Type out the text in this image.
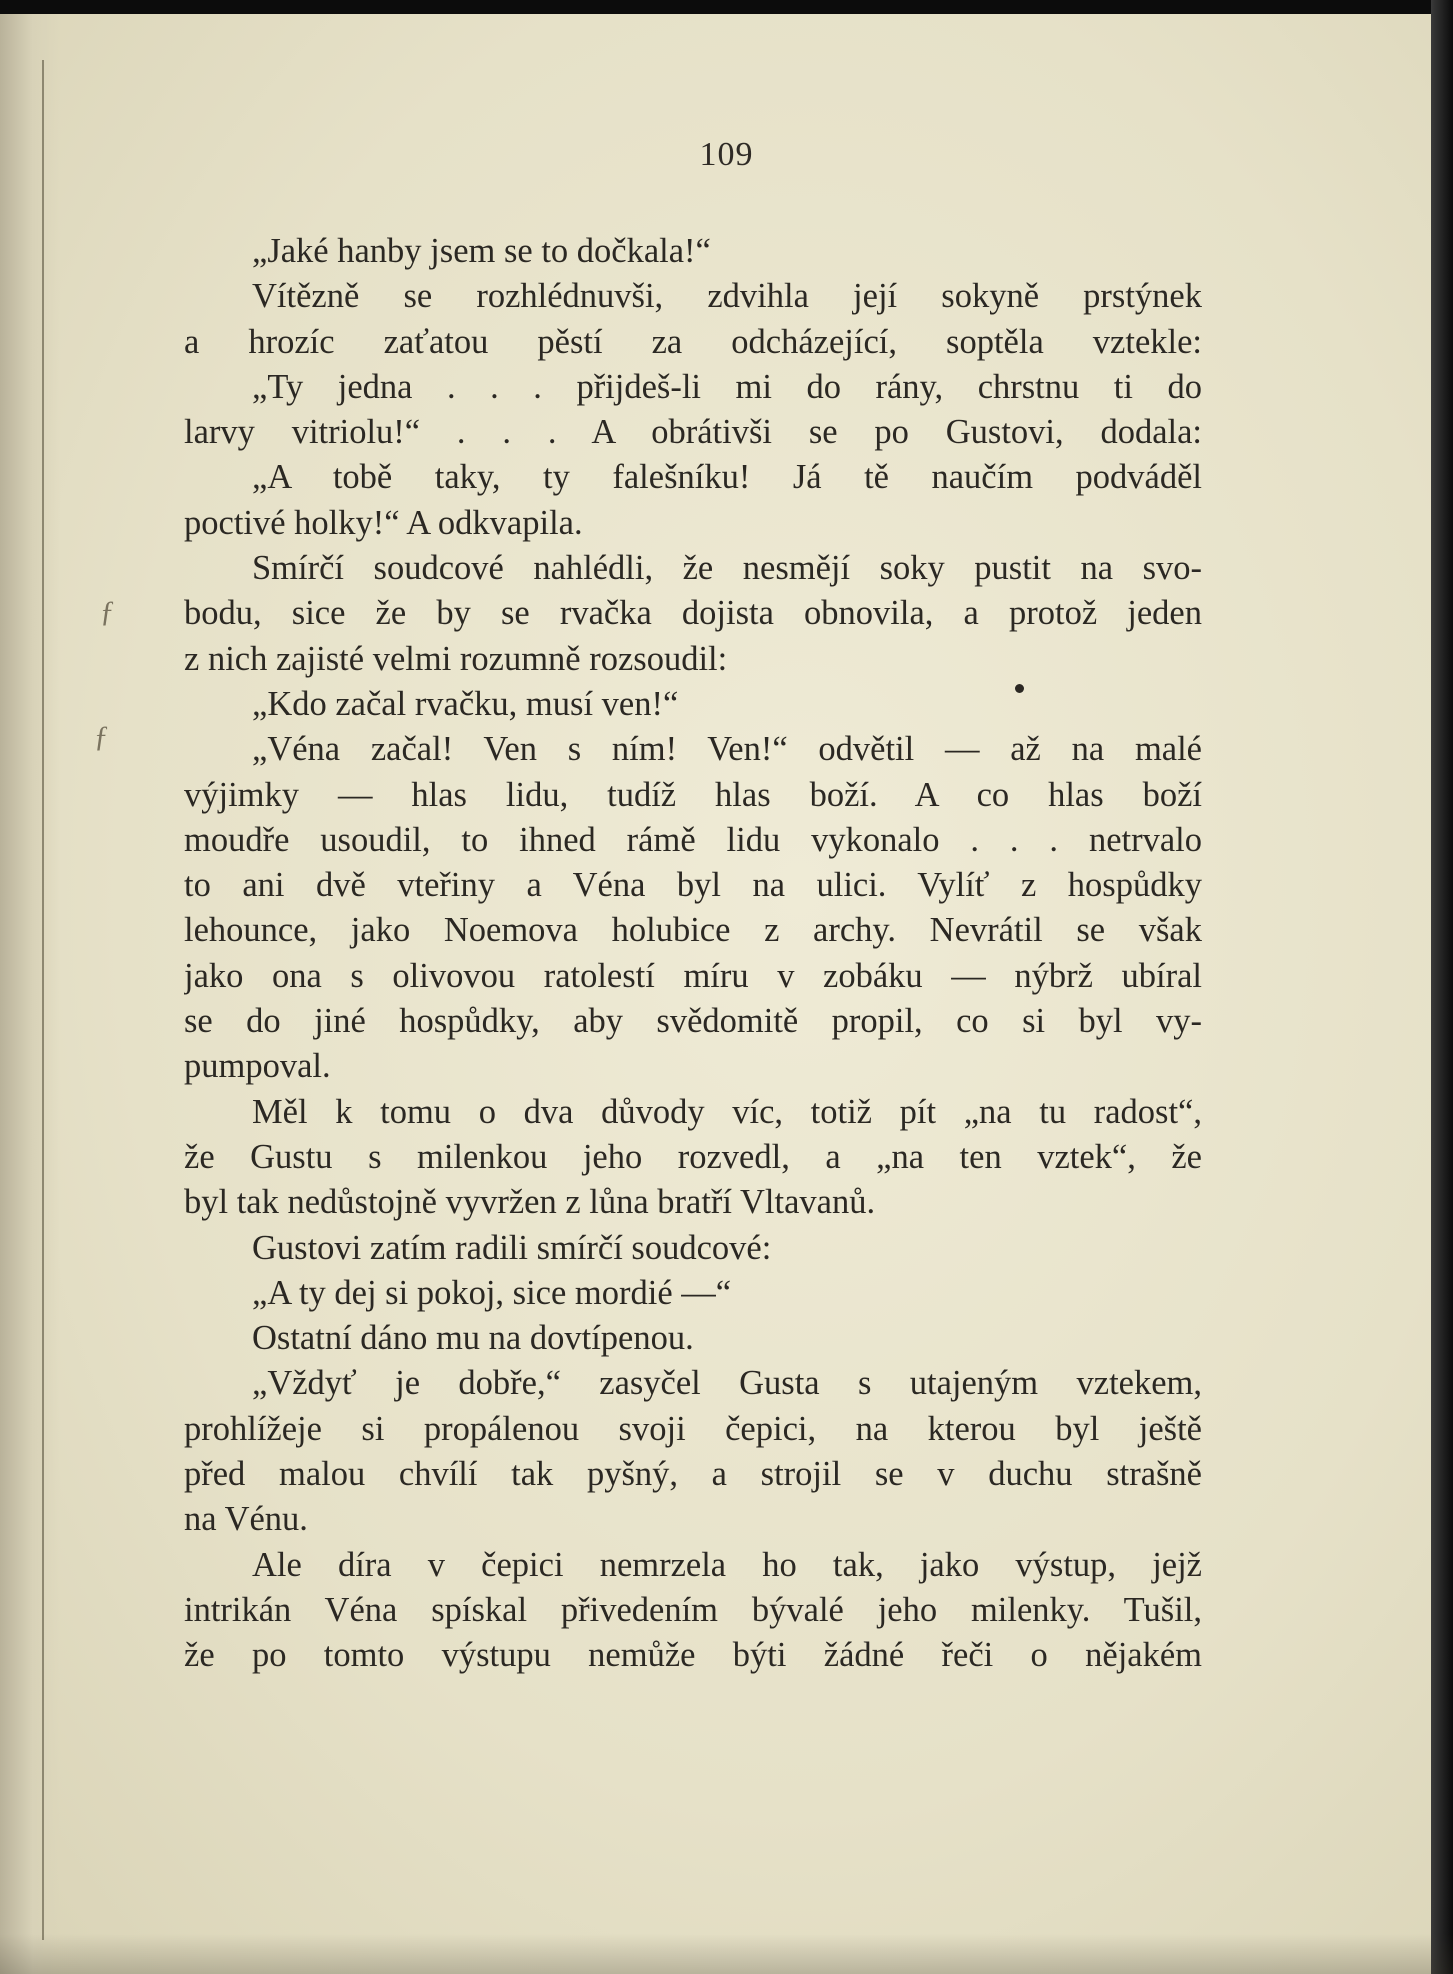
ƒ
ƒ
109
„Jaké hanby jsem se to dočkala!“
Vítězně se rozhlédnuvši, zdvihla její sokyně prstýnek
a hrozíc zaťatou pěstí za odcházející, soptěla vztekle:
„Ty jedna . . . přijdeš-li mi do rány, chrstnu ti do
larvy vitriolu!“ . . . A obrátivši se po Gustovi, dodala:
„A tobě taky, ty falešníku! Já tě naučím podváděl
poctivé holky!“ A odkvapila.
Smírčí soudcové nahlédli, že nesmějí soky pustit na svo-
bodu, sice že by se rvačka dojista obnovila, a protož jeden
z nich zajisté velmi rozumně rozsoudil:
„Kdo začal rvačku, musí ven!“
„Véna začal! Ven s ním! Ven!“ odvětil — až na malé
výjimky — hlas lidu, tudíž hlas boží. A co hlas boží
moudře usoudil, to ihned rámě lidu vykonalo . . . netrvalo
to ani dvě vteřiny a Véna byl na ulici. Vylíť z hospůdky
lehounce, jako Noemova holubice z archy. Nevrátil se však
jako ona s olivovou ratolestí míru v zobáku — nýbrž ubíral
se do jiné hospůdky, aby svědomitě propil, co si byl vy-
pumpoval.
Měl k tomu o dva důvody víc, totiž pít „na tu radost“,
že Gustu s milenkou jeho rozvedl, a „na ten vztek“, že
byl tak nedůstojně vyvržen z lůna bratří Vltavanů.
Gustovi zatím radili smírčí soudcové:
„A ty dej si pokoj, sice mordié —“
Ostatní dáno mu na dovtípenou.
„Vždyť je dobře,“ zasyčel Gusta s utajeným vztekem,
prohlížeje si propálenou svoji čepici, na kterou byl ještě
před malou chvílí tak pyšný, a strojil se v duchu strašně
na Vénu.
Ale díra v čepici nemrzela ho tak, jako výstup, jejž
intrikán Véna spískal přivedením bývalé jeho milenky. Tušil,
že po tomto výstupu nemůže býti žádné řeči o nějakém
